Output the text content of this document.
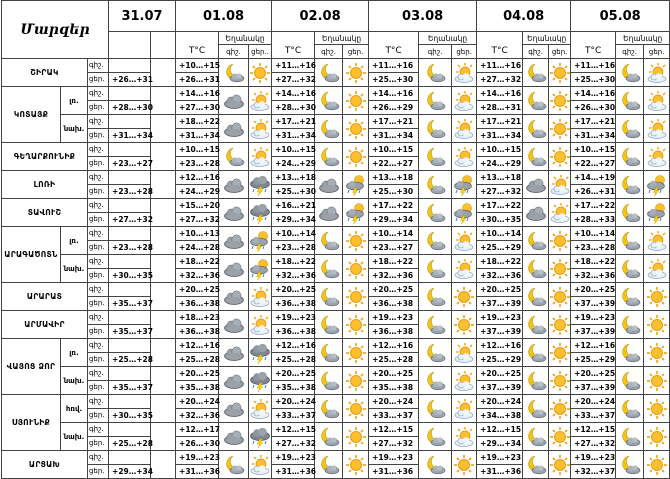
Մարզեր			31.07		01.08			02.08			03.08			04.08			05.08		
					T°C	Եղանակը		T°C	Եղանակը		T°C	Եղանակը		T°C	Եղանակը		T°C	Եղանակը	
						գիշ.	ցեր..		գիշ.	ցեր.		գիշ.	ցեր.		գիշ.	ցեր.		գիշ.	ցեր.
ՇԻՐԱԿ		գիշ.			+10…+15			+11…+16			+11…+16			+11…+16			+11…+16	

		ցեր.	+26…+31		+26…+31			+27…+32			+25…+30			+27…+32			+25…+30		
ԿՈՏԱՅՔ	լռ.	գիշ.			+14…+16			+14…+16			+14…+16			+14…+16			+14…+16	

		ցեր.	+28…+30		+27…+30			+28…+30			+26…+29			+28…+31			+26…+30		
	նախ.	գիշ.			+18…+22			+17…+21			+17…+21			+17…+21			+17…+21	

		ցեր.	+31…+34		+31…+34			+31…+34			+31…+34			+31…+34			+31…+34		
ԳԵՂԱՐՔՈՒՆԻՔ		գիշ.			+10…+15			+10…+15			+10…+15			+10…+15			+10…+15	

		ցեր.	+23…+27		+23…+28			+24…+29			+22…+27			+24…+29			+22…+27		
ԼՈՌԻ		գիշ.			+12…+16			+13…+18			+13…+18			+13…+18			+14…+19	

		ցեր.	+23…+28		+24…+29			+25…+30			+25…+30			+27…+32			+26…+31		
ՏԱՎՈՒՇ		գիշ.			+15…+20			+16…+21			+17…+22			+17…+22			+17…+22	

		ցեր.	+27…+32		+27…+32			+29…+34			+29…+34			+30…+35			+28…+33		
ԱՐԱԳԱԾՈՏՆ	լռ.	գիշ.			+10…+13			+10…+14			+10…+14			+10…+14			+10…+14	

		ցեր.	+23…+28		+24…+28			+23…+28			+23…+27			+25…+29			+23…+28		
	նախ.	գիշ.			+18…+22			+18…+22			+18…+22			+18…+22			+18…+22	

		ցեր.	+30…+35		+32…+36			+32…+36			+32…+36			+32…+36			+32…+36		
ԱՐԱՐԱՏ		գիշ.			+20…+25			+20…+25			+20…+25			+20…+25			+20…+25	

		ցեր.	+35…+37		+36…+38			+36…+38			+36…+38			+37…+39			+37…+39		
ԱՐՄԱՎԻՐ		գիշ.			+18…+23			+19…+23			+19…+23			+19…+23			+19…+23	

		ցեր.	+35…+37		+36…+38			+36…+38			+36…+38			+37…+39			+37…+39		
ՎԱՅՈՑ ՁՈՐ	լռ.	գիշ.			+12…+16			+12…+16			+12…+16			+12…+16			+12…+16	

		ցեր.	+25…+28		+25…+28			+25…+28			+25…+28			+25…+29			+25…+29		
	նախ.	գիշ.			+20…+25			+20…+25			+20…+25			+20…+25			+20…+25	

		ցեր.	+35…+37		+35…+38			+35…+38			+35…+38			+37…+39			+37…+39		
ՍՅՈՒՆԻՔ	հռվ.	գիշ.			+20…+24			+20…+24			+20…+24			+20…+24			+20…+24	

		ցեր.	+30…+35		+32…+36			+33…+37			+33…+37			+34…+38			+33…+37		
	նախ.	գիշ.			+12…+17			+12…+15			+12…+15			+12…+15			+12…+15	

		ցեր.	+25…+28		+26…+30			+27…+32			+27…+32			+29…+34			+27…+32		
ԱՐՑԱԽ		գիշ.			+19…+23			+19…+23			+19…+23			+19…+23			+19…+23	

		ցեր.	+29…+34		+31…+36			+31…+36			+31…+36			+31…+36			+32…+37		
